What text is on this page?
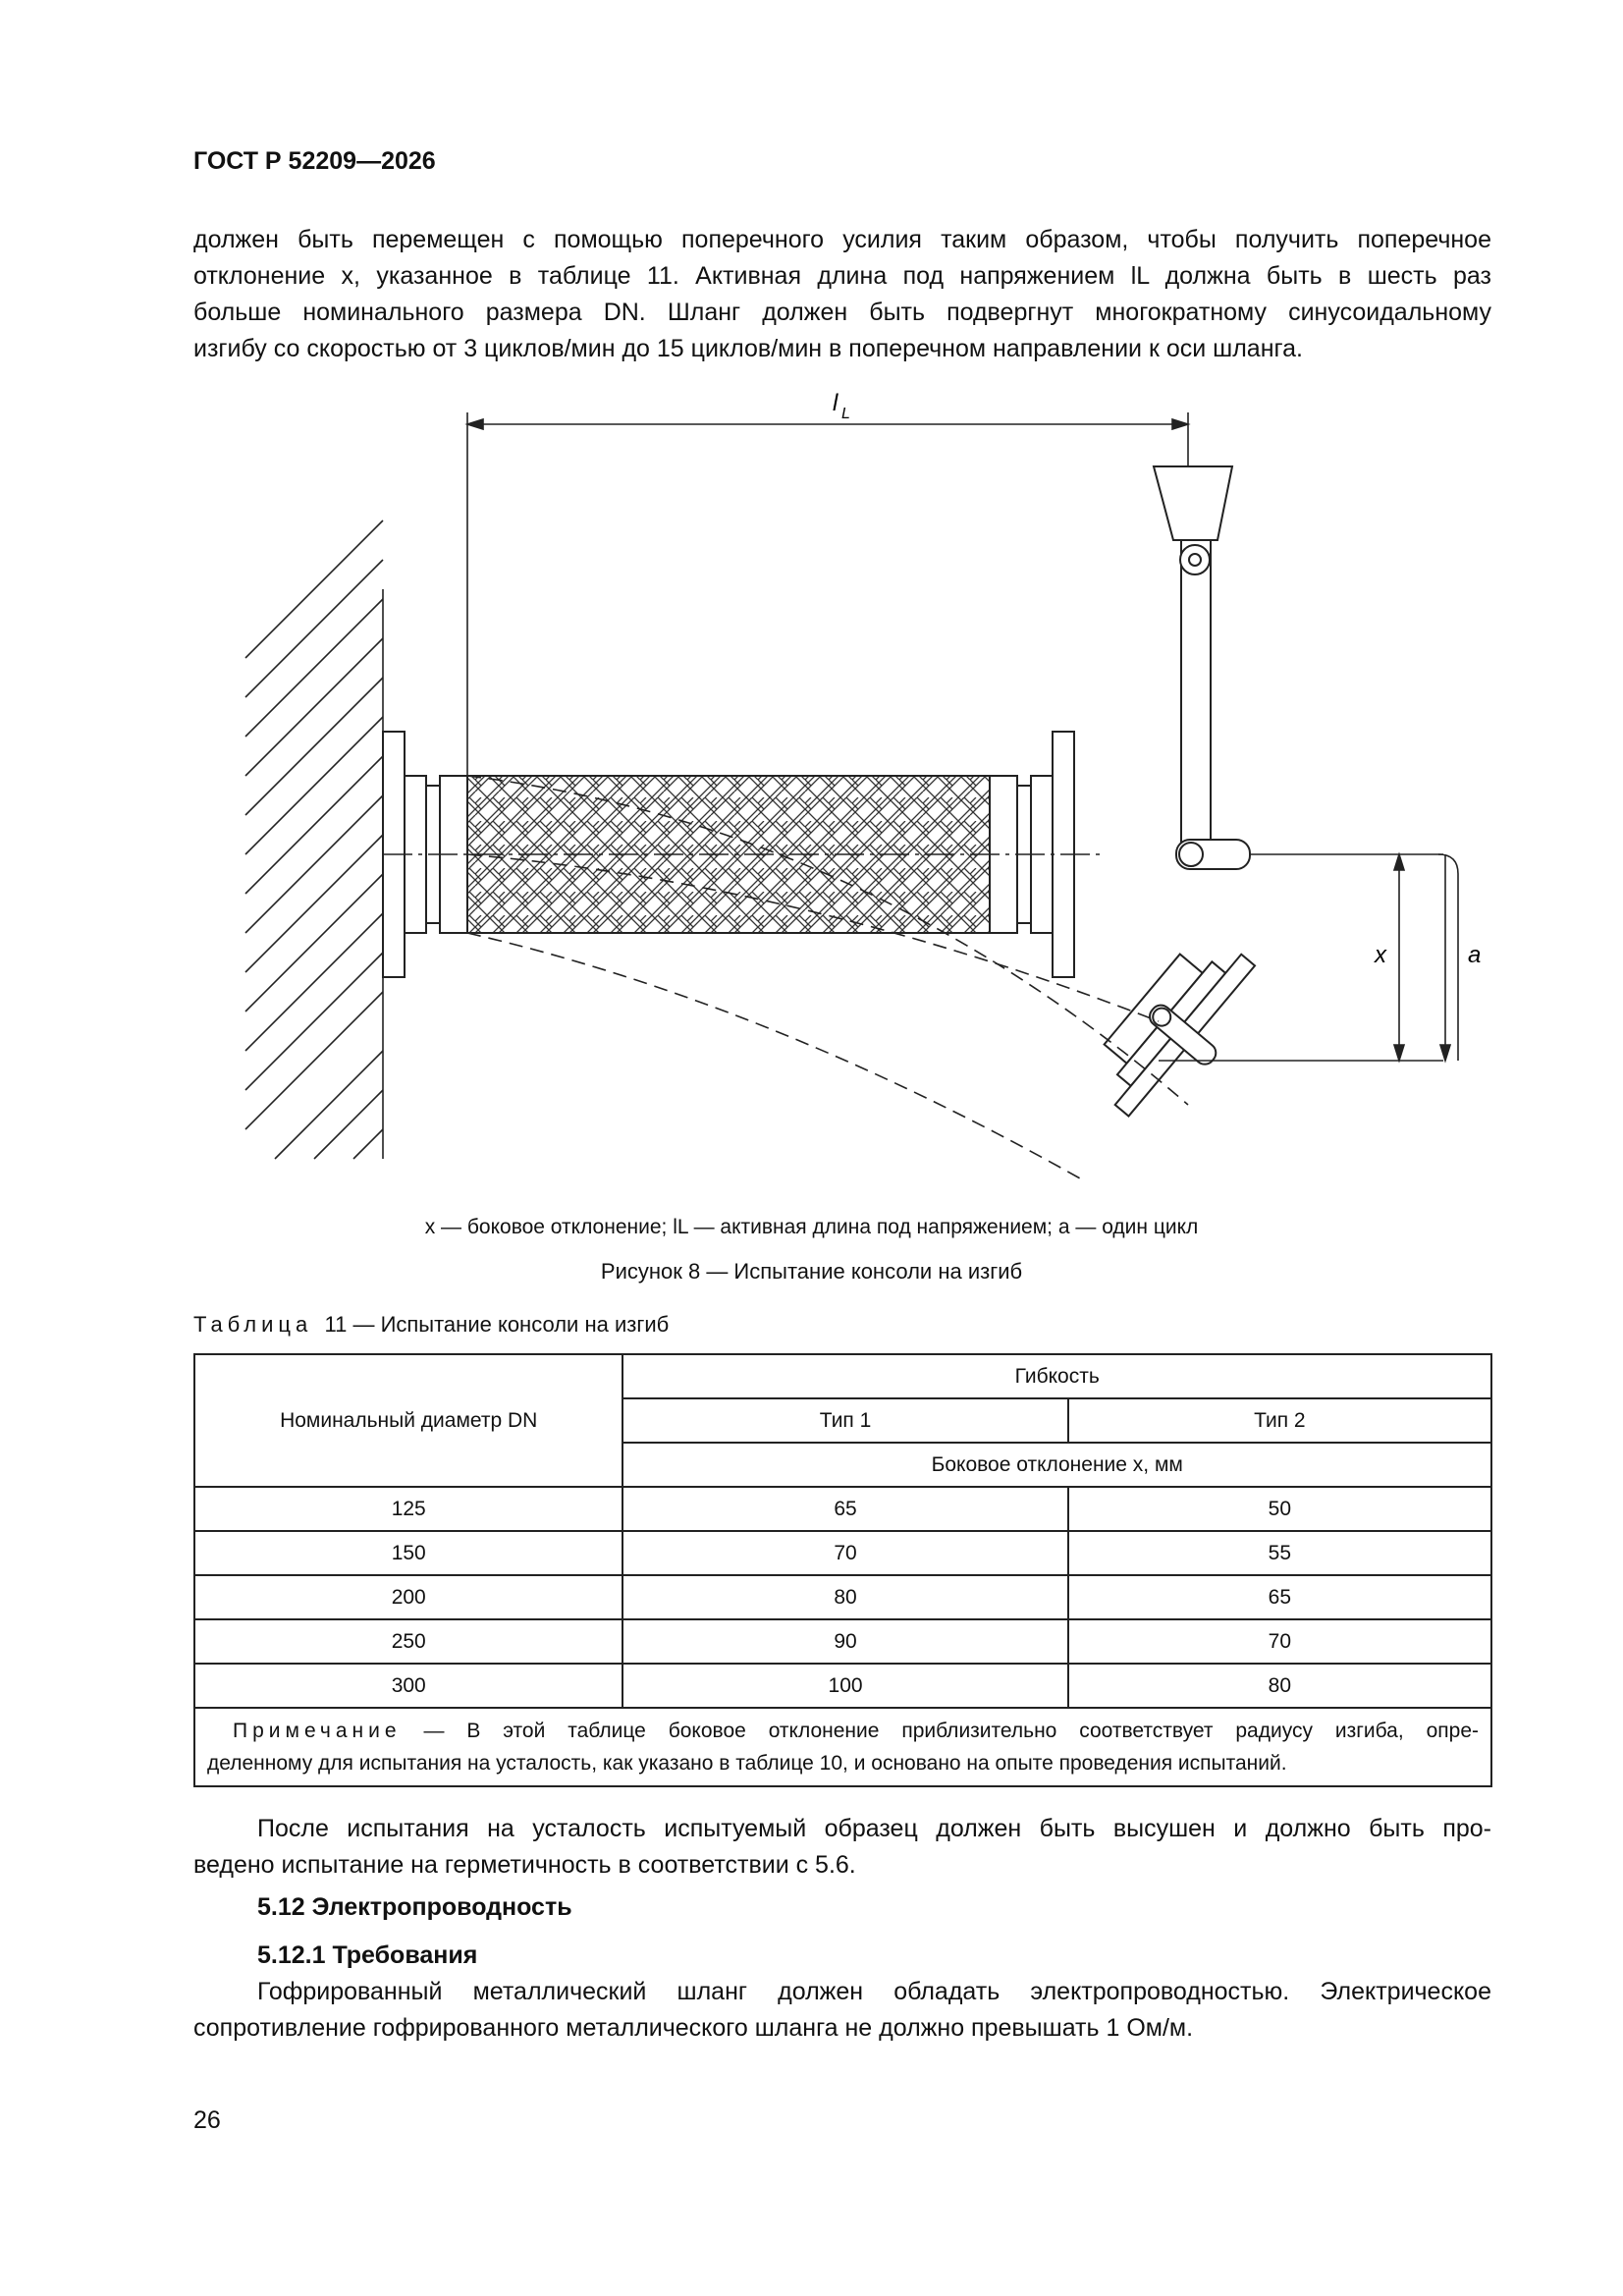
ГОСТ Р 52209—2026
должен быть перемещен с помощью поперечного усилия таким образом, чтобы получить поперечное
отклонение x, указанное в таблице 11. Активная длина под напряжением lL должна быть в шесть раз
больше номинального размера DN. Шланг должен быть подвергнут многократному синусоидальному
изгибу со скоростью от 3 циклов/мин до 15 циклов/мин в поперечном направлении к оси шланга.
l L
x	a
x — боковое отклонение; lL — активная длина под напряжением; a — один цикл
Рисунок 8 — Испытание консоли на изгиб
Таблица 11 — Испытание консоли на изгиб
Номинальный диаметр DN	Гибкость	
	Тип 1	Тип 2
	Боковое отклонение x, мм	
125	65	50
150	70	55
200	80	65
250	90	70
300	100	80

Примечание — В этой таблице боковое отклонение приблизительно соответствует радиусу изгиба, опре-
деленному для испытания на усталость, как указано в таблице 10, и основано на опыте проведения испытаний.		
После испытания на усталость испытуемый образец должен быть высушен и должно быть про-
ведено испытание на герметичность в соответствии с 5.6.
5.12 Электропроводность
5.12.1 Требования
Гофрированный металлический шланг должен обладать электропроводностью. Электрическое
сопротивление гофрированного металлического шланга не должно превышать 1 Ом/м.
26
